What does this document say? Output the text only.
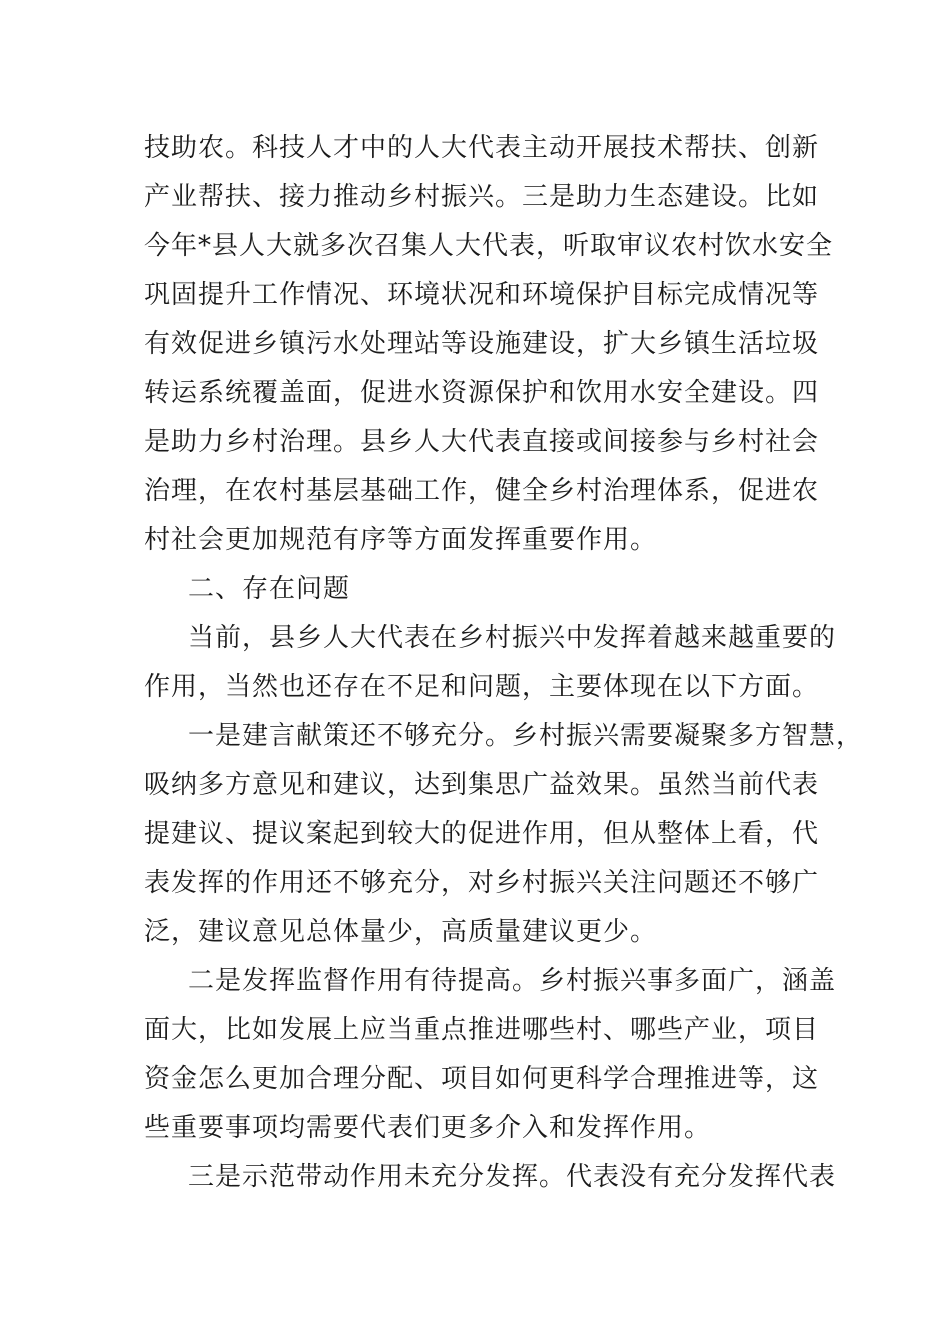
技助农。科技人才中的人大代表主动开展技术帮扶、创新
产业帮扶、接力推动乡村振兴。三是助力生态建设。比如
今年*县人大就多次召集人大代表，听取审议农村饮水安全
巩固提升工作情况、环境状况和环境保护目标完成情况等
有效促进乡镇污水处理站等设施建设，扩大乡镇生活垃圾
转运系统覆盖面，促进水资源保护和饮用水安全建设。四
是助力乡村治理。县乡人大代表直接或间接参与乡村社会
治理，在农村基层基础工作，健全乡村治理体系，促进农
村社会更加规范有序等方面发挥重要作用。
二、存在问题
当前，县乡人大代表在乡村振兴中发挥着越来越重要的
作用，当然也还存在不足和问题，主要体现在以下方面。
一是建言献策还不够充分。乡村振兴需要凝聚多方智慧，
吸纳多方意见和建议，达到集思广益效果。虽然当前代表
提建议、提议案起到较大的促进作用，但从整体上看，代
表发挥的作用还不够充分，对乡村振兴关注问题还不够广
泛，建议意见总体量少，高质量建议更少。
二是发挥监督作用有待提高。乡村振兴事多面广，涵盖
面大，比如发展上应当重点推进哪些村、哪些产业，项目
资金怎么更加合理分配、项目如何更科学合理推进等，这
些重要事项均需要代表们更多介入和发挥作用。
三是示范带动作用未充分发挥。代表没有充分发挥代表
